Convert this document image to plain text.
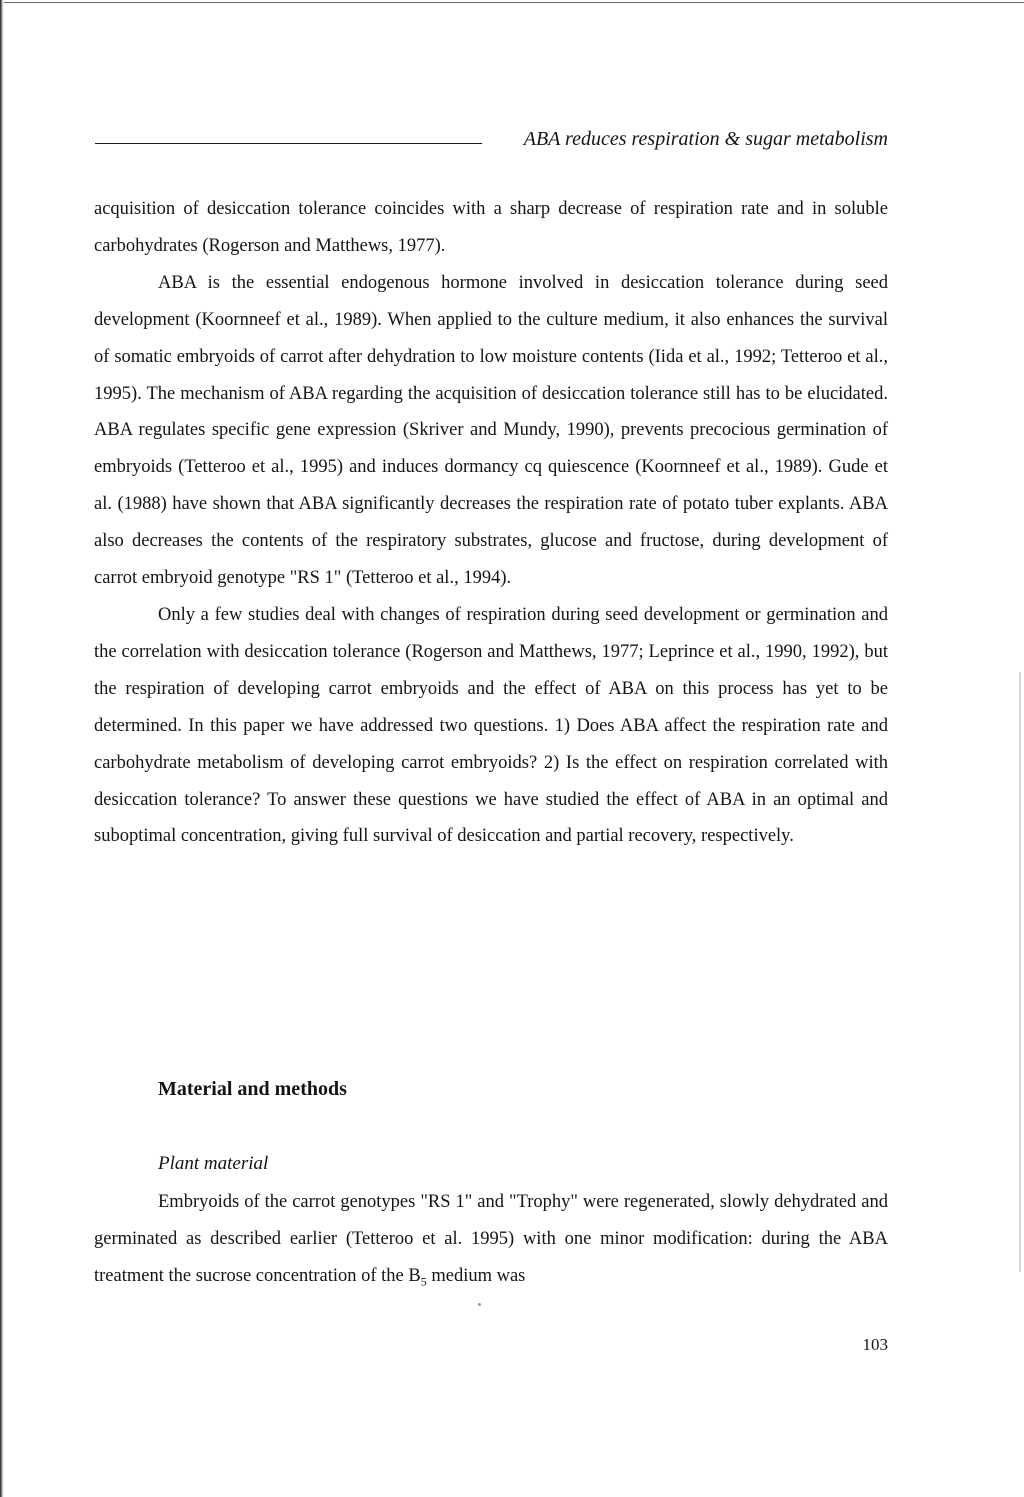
ABA reduces respiration & sugar metabolism

acquisition of desiccation tolerance coincides with a sharp decrease of respiration rate and in soluble carbohydrates (Rogerson and Matthews, 1977).

ABA is the essential endogenous hormone involved in desiccation tolerance during seed development (Koornneef et al., 1989). When applied to the culture medium, it also enhances the survival of somatic embryoids of carrot after dehydration to low moisture contents (Iida et al., 1992; Tetteroo et al., 1995). The mechanism of ABA regarding the acquisition of desiccation tolerance still has to be elucidated. ABA regulates specific gene expression (Skriver and Mundy, 1990), prevents precocious germination of embryoids (Tetteroo et al., 1995) and induces dormancy cq quiescence (Koornneef et al., 1989). Gude et al. (1988) have shown that ABA significantly decreases the respiration rate of potato tuber explants. ABA also decreases the contents of the respiratory substrates, glucose and fructose, during development of carrot embryoid genotype "RS 1" (Tetteroo et al., 1994).

Only a few studies deal with changes of respiration during seed development or germination and the correlation with desiccation tolerance (Rogerson and Matthews, 1977; Leprince et al., 1990, 1992), but the respiration of developing carrot embryoids and the effect of ABA on this process has yet to be determined. In this paper we have addressed two questions. 1) Does ABA affect the respiration rate and carbohydrate metabolism of developing carrot embryoids? 2) Is the effect on respiration correlated with desiccation tolerance? To answer these questions we have studied the effect of ABA in an optimal and suboptimal concentration, giving full survival of desiccation and partial recovery, respectively.

Material and methods
Plant material

Embryoids of the carrot genotypes "RS 1" and "Trophy" were regenerated, slowly dehydrated and germinated as described earlier (Tetteroo et al. 1995) with one minor modification: during the ABA treatment the sucrose concentration of the $B_5$ medium was

103
